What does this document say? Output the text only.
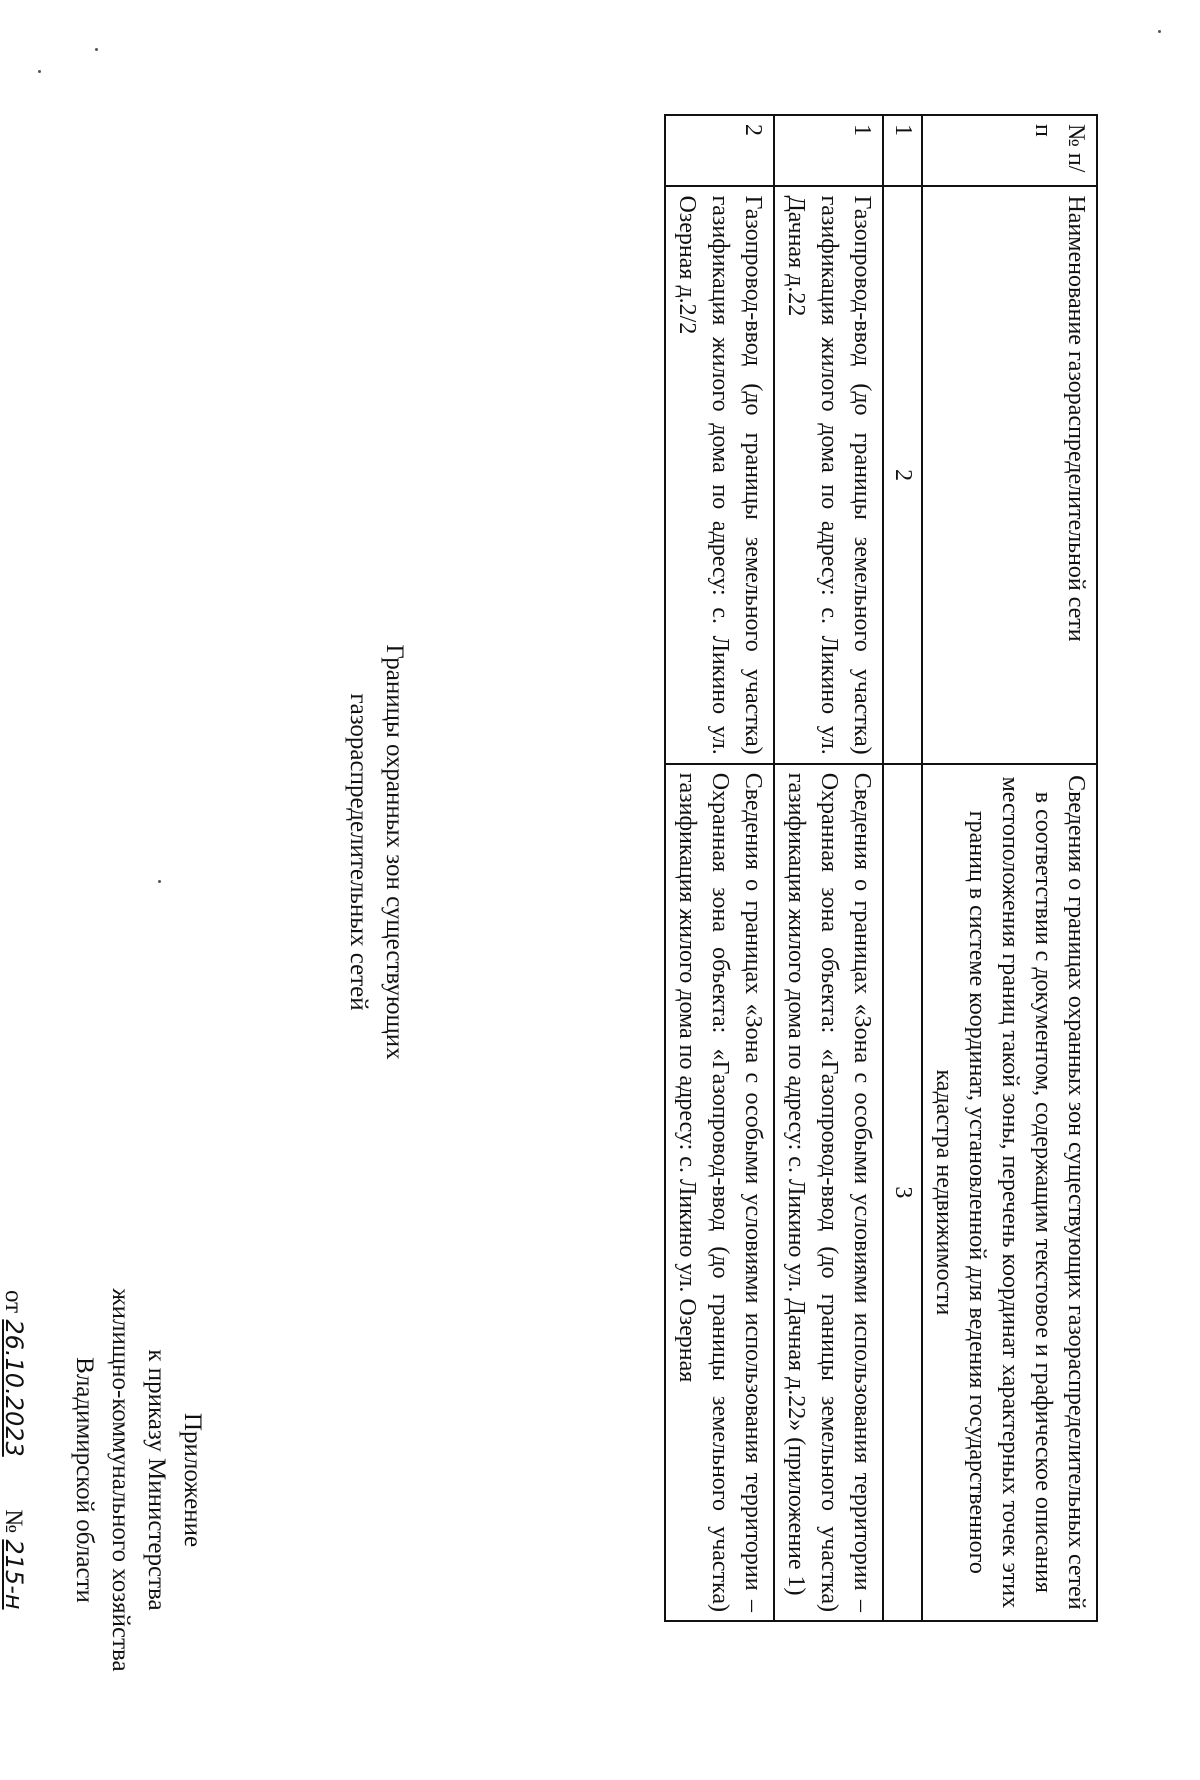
Приложение
к приказу Министерства
жилищно-коммунального хозяйства
Владимирской области
от 26.10.2023  № 215-н
Границы охранных зон существующих
газораспределительных сетей
№ п/п	Наименование газораспределительной сети	Сведения о границах охранных зон существующих газораспределительных сетей в соответствии с документом, содержащим текстовое и графическое описания местоположения границ такой зоны, перечень координат характерных точек этих границ в системе координат, установленной для ведения государственного кадастра недвижимости
1	2	3
1	Газопровод-ввод (до границы земельного участка) газификация жилого дома по адресу: с. Ликино ул. Дачная д.22	Сведения о границах «Зона с особыми условиями использования территории – Охранная зона объекта: «Газопровод-ввод (до границы земельного участка) газификация жилого дома по адресу: с. Ликино ул. Дачная д.22» (приложение 1)
2	Газопровод-ввод (до границы земельного участка) газификация жилого дома по адресу: с. Ликино ул. Озерная д.2/2	Сведения о границах «Зона с особыми условиями использования территории – Охранная зона объекта: «Газопровод-ввод (до границы земельного участка) газификация жилого дома по адресу: с. Ликино ул. Озерная
